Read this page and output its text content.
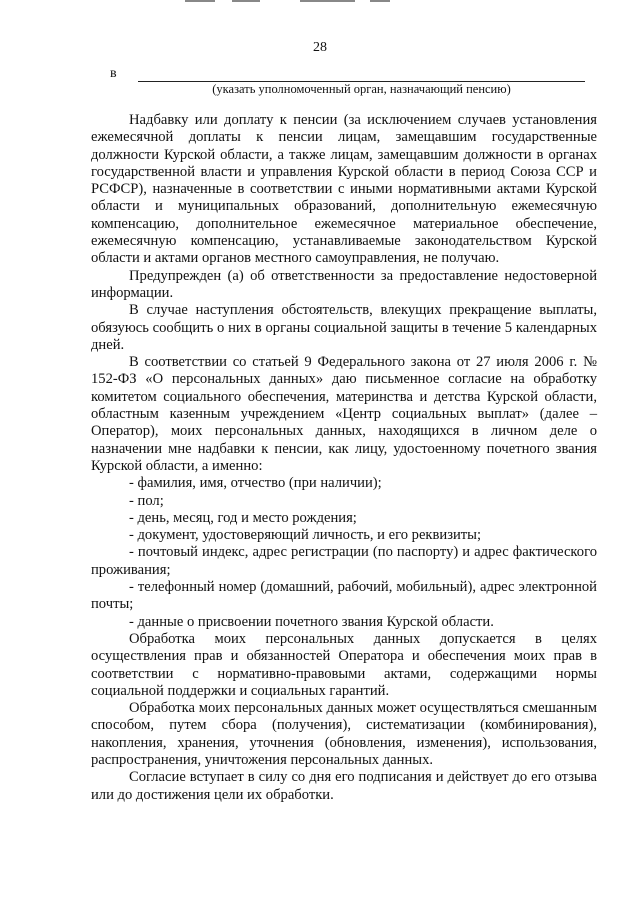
28
в
(указать уполномоченный орган, назначающий пенсию)

Надбавку или доплату к пенсии (за исключением случаев установления ежемесячной доплаты к пенсии лицам, замещавшим государственные должности Курской области, а также лицам, замещавшим должности в органах государственной власти и управления Курской области в период Союза ССР и РСФСР), назначенные в соответствии с иными нормативными актами Курской области и муниципальных образований, дополнительную ежемесячную компенсацию, дополнительное ежемесячное материальное обеспечение, ежемесячную компенсацию, устанавливаемые законодательством Курской области и актами органов местного самоуправления, не получаю.

Предупрежден (а) об ответственности за предоставление недостоверной информации.

В случае наступления обстоятельств, влекущих прекращение выплаты, обязуюсь сообщить о них в органы социальной защиты в течение 5 календарных дней.

В соответствии со статьей 9 Федерального закона от 27 июля 2006 г. № 152-ФЗ «О персональных данных» даю письменное согласие на обработку комитетом социального обеспечения, материнства и детства Курской области, областным казенным учреждением «Центр социальных выплат» (далее – Оператор), моих персональных данных, находящихся в личном деле о назначении мне надбавки к пенсии, как лицу, удостоенному почетного звания Курской области, а именно:

- фамилия, имя, отчество (при наличии);
- пол;
- день, месяц, год и место рождения;
- документ, удостоверяющий личность, и его реквизиты;
- почтовый индекс, адрес регистрации (по паспорту) и адрес фактического проживания;
- телефонный номер (домашний, рабочий, мобильный), адрес электронной почты;
- данные о присвоении почетного звания Курской области.

Обработка моих персональных данных допускается в целях осуществления прав и обязанностей Оператора и обеспечения моих прав в соответствии с нормативно-правовыми актами, содержащими нормы социальной поддержки и социальных гарантий.

Обработка моих персональных данных может осуществляться смешанным способом, путем сбора (получения), систематизации (комбинирования), накопления, хранения, уточнения (обновления, изменения), использования, распространения, уничтожения персональных данных.

Согласие вступает в силу со дня его подписания и действует до его отзыва или до достижения цели их обработки.
